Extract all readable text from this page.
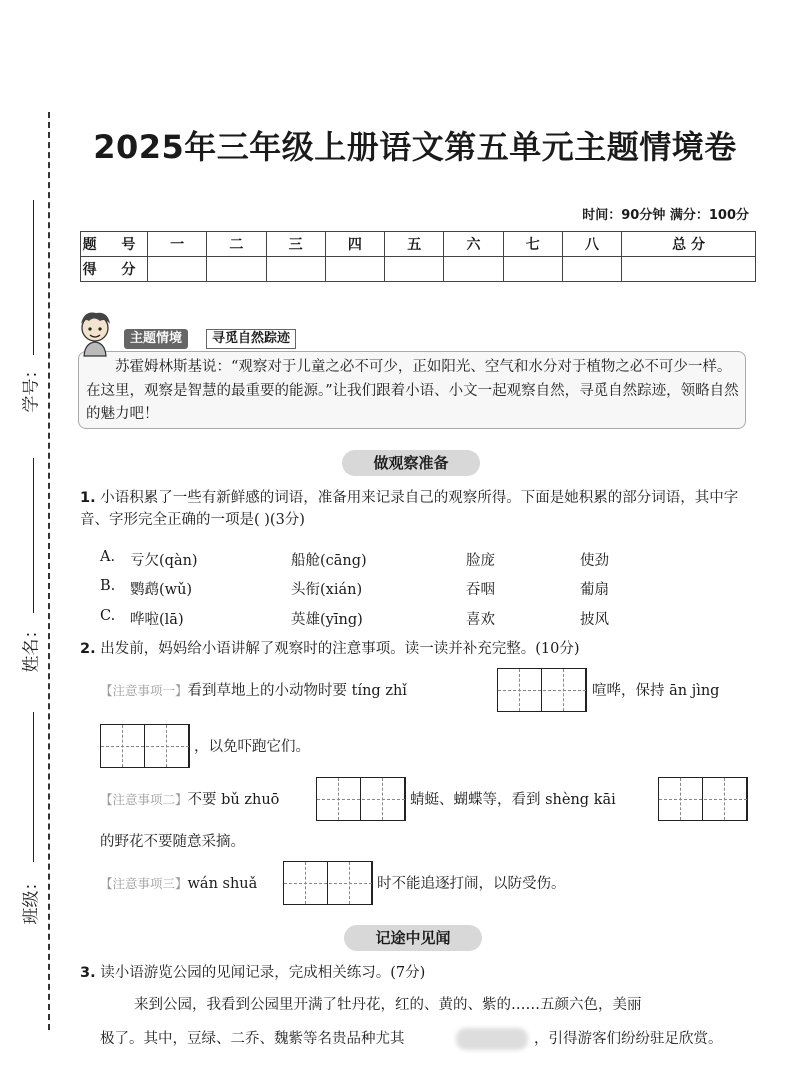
学号：
姓名：
班级：
2025年三年级上册语文第五单元主题情境卷
时间：90分钟 满分：100分
题 号	一	二	三	四	五	六	七	八	总 分
得 分									
主题情境	寻觅自然踪迹
苏霍姆林斯基说：“观察对于儿童之必不可少，正如阳光、空气和水分对于植物之必不可少一样。在这里，观察是智慧的最重要的能源。”让我们跟着小语、小文一起观察自然，寻觅自然踪迹，领略自然的魅力吧！
做观察准备
1. 小语积累了一些有新鲜感的词语，准备用来记录自己的观察所得。下面是她积累的部分词语，其中字音、字形完全正确的一项是( )(3分)
A. 亏欠(qàn)	船舱(cāng)	脸庞	使劲
B. 鹦鹉(wǔ)	头衔(xián)	吞咽	葡扇
C. 哗啦(lā)	英雄(yīng)	喜欢	披风
2. 出发前，妈妈给小语讲解了观察时的注意事项。读一读并补充完整。(10分)
【注意事项一】看到草地上的小动物时要 tíng zhǐ	喧哗，保持 ān jìng
，以免吓跑它们。
【注意事项二】不要 bǔ zhuō	蜻蜓、蝴蝶等，看到 shèng kāi
的野花不要随意采摘。
【注意事项三】wán shuǎ	时不能追逐打闹，以防受伤。
记途中见闻
3. 读小语游览公园的见闻记录，完成相关练习。(7分)
来到公园，我看到公园里开满了牡丹花，红的、黄的、紫的……五颜六色，美丽
极了。其中，豆绿、二乔、魏紫等名贵品种尤其	，引得游客们纷纷驻足欣赏。
